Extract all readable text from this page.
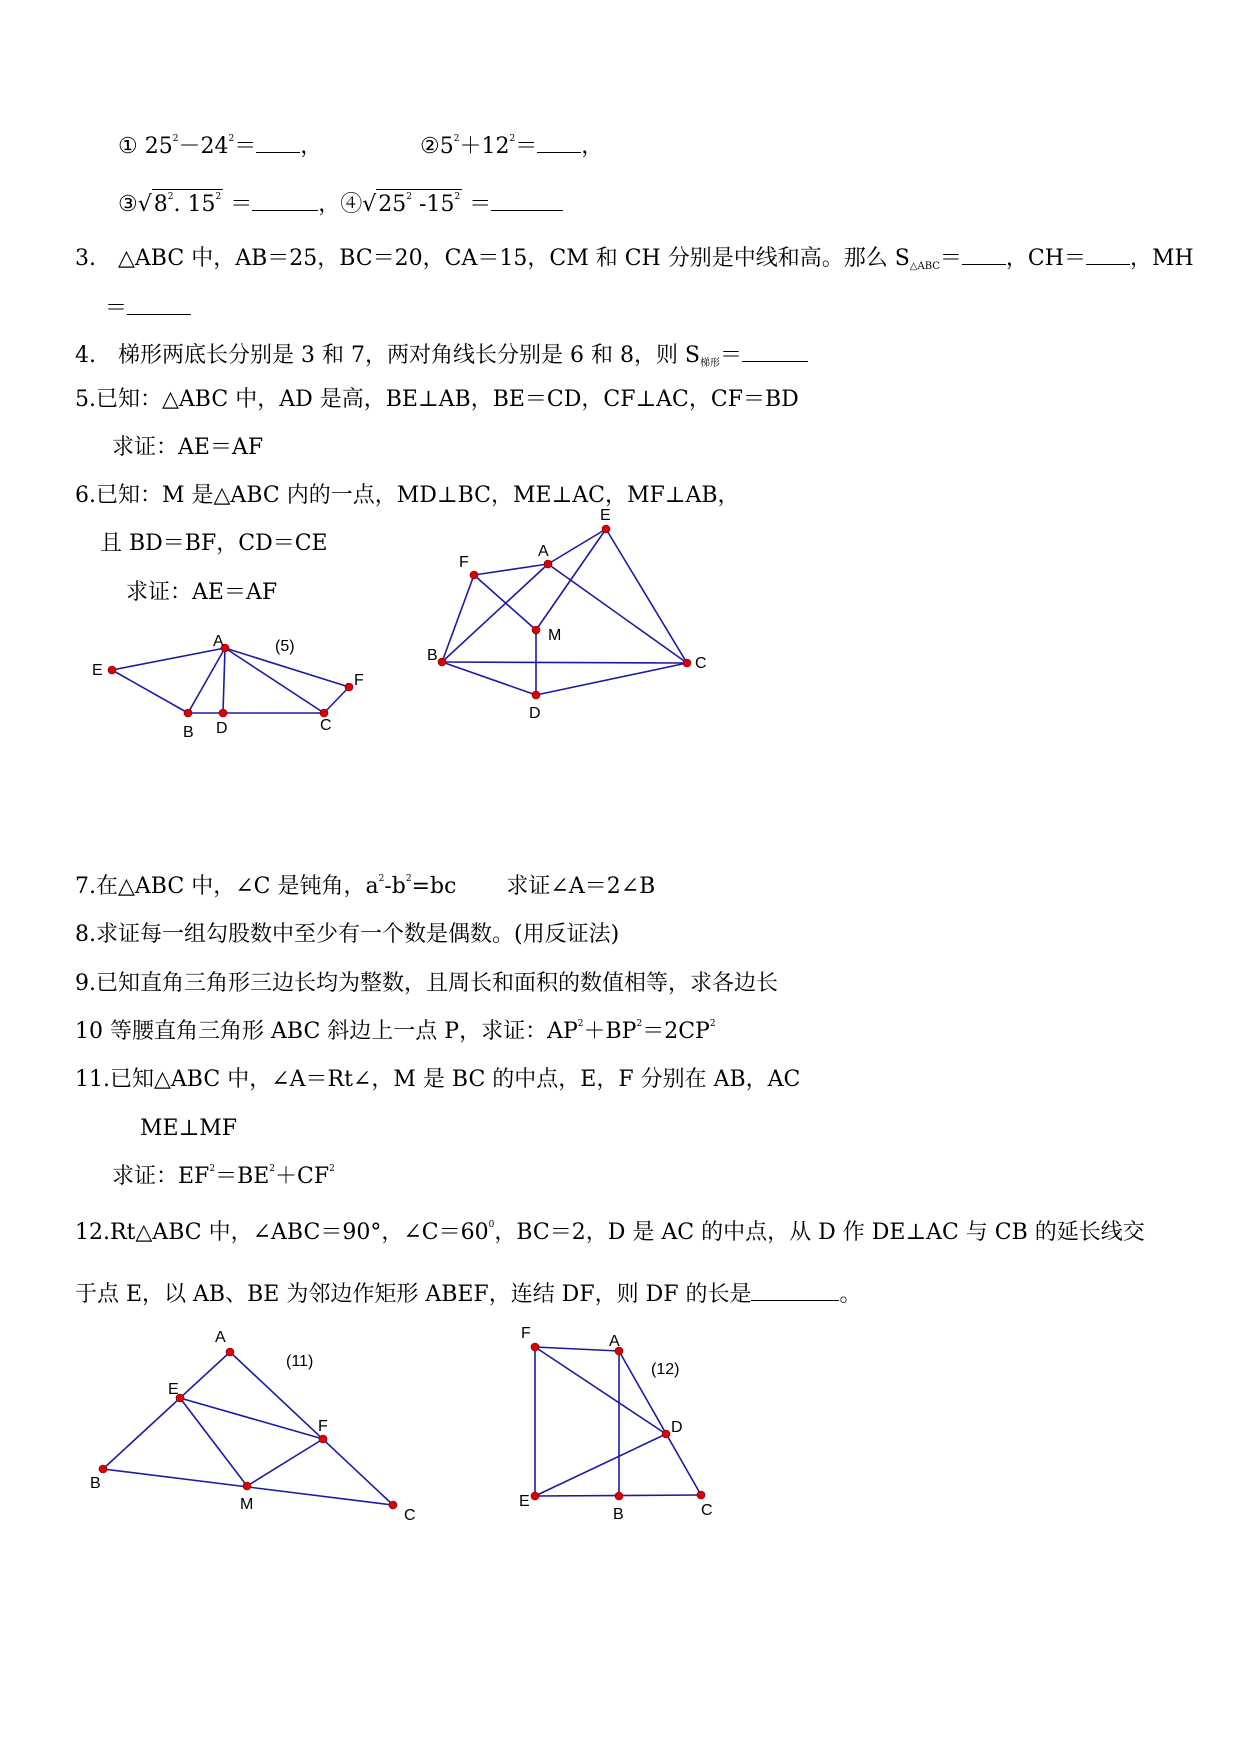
① $25^2-24^2=$ ，	$②5^2+12^2=$ ，
$③√8^2$. $15^2$ ＝	，$④√25^2$ $-15^2$ ＝
3.　△ABC 中，AB＝25，BC＝20，CA＝15，CM 和 CH 分别是中线和高。那么 $S_{\triangle ABC}=$ ，CH＝ ，MH
＝
4.　梯形两底长分别是 3 和 7，两对角线长分别是 6 和 8，则 $S_{梯形}=$
5.已知：△ABC 中，AD 是高，BE⊥AB，BE＝CD，CF⊥AC，CF＝BD
求证：AE＝AF
6.已知：M 是△ABC 内的一点，MD⊥BC，ME⊥AC，MF⊥AB，
且 BD＝BF，CD＝CE
求证：AE＝AF
E
A
F
B D	C
(5)
E
F
A
M
B	C
D
A
E
F
B
M
C
(11)
F	A
D
E
B	C
(12)
7.在△ABC 中，∠C 是钝角，$a^2-b^2=bc$ 求证∠A＝2∠B
8.求证每一组勾股数中至少有一个数是偶数。(用反证法)
9.已知直角三角形三边长均为整数，且周长和面积的数值相等，求各边长
10 等腰直角三角形 ABC 斜边上一点 P，求证：$AP^2+BP^2=2CP^2$
11.已知△ABC 中，∠A＝Rt∠，M 是 BC 的中点，E，F 分别在 AB，AC
ME⊥MF
求证：$EF^2=BE^2+CF^2$
12.Rt△ABC 中，∠ABC＝90°，$\angle C=60^0$，BC＝2，D 是 AC 的中点，从 D 作 DE⊥AC 与 CB 的延长线交
于点 E，以 AB、BE 为邻边作矩形 ABEF，连结 DF，则 DF 的长是	。
